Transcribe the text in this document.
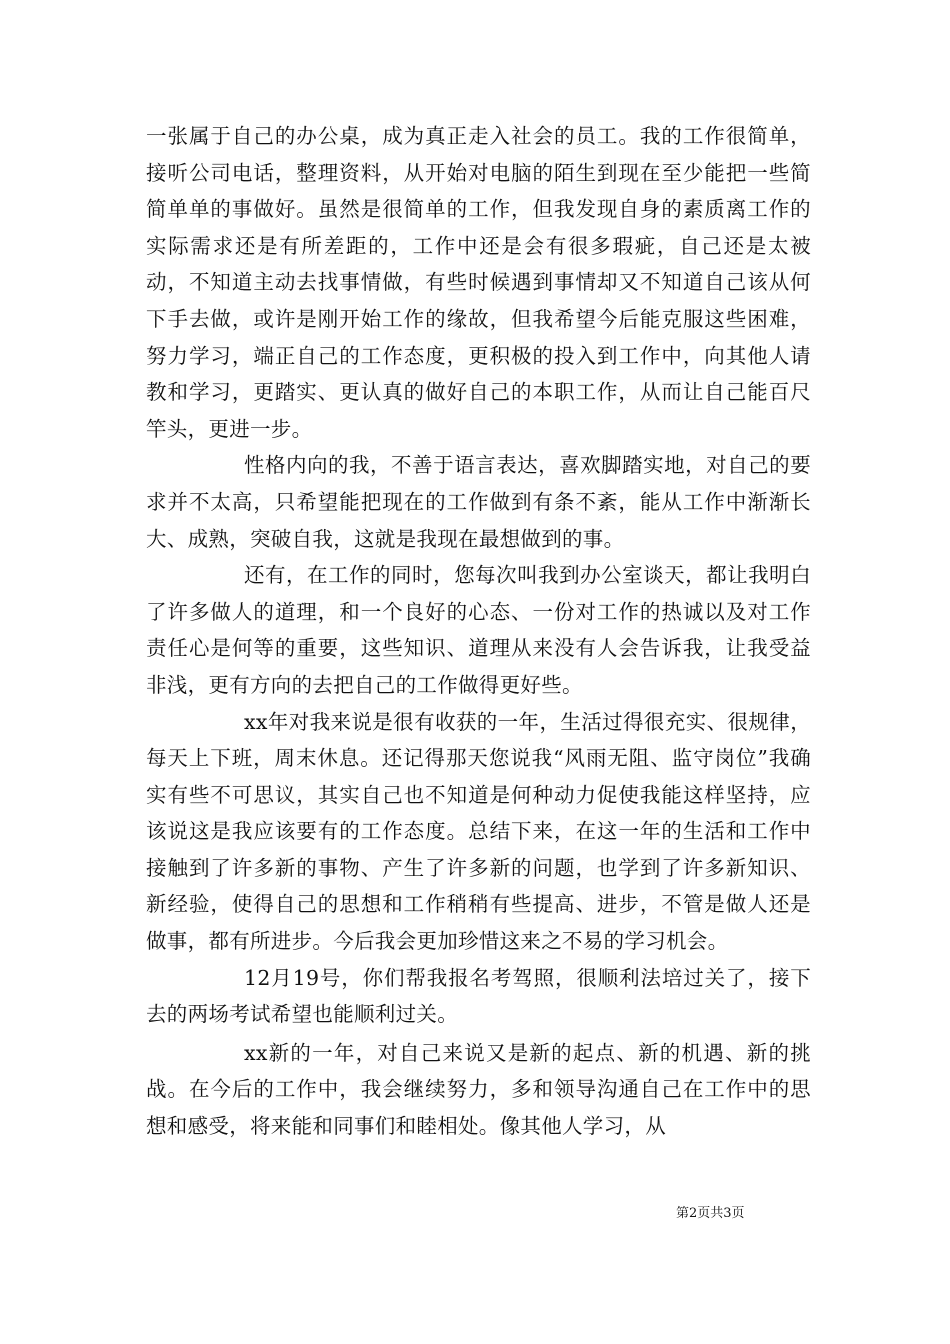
一张属于自己的办公桌，成为真正走入社会的员工。我的工作很简单，接听公司电话，整理资料，从开始对电脑的陌生到现在至少能把一些简简单单的事做好。虽然是很简单的工作，但我发现自身的素质离工作的实际需求还是有所差距的，工作中还是会有很多瑕疵，自己还是太被动，不知道主动去找事情做，有些时候遇到事情却又不知道自己该从何下手去做，或许是刚开始工作的缘故，但我希望今后能克服这些困难，努力学习，端正自己的工作态度，更积极的投入到工作中，向其他人请教和学习，更踏实、更认真的做好自己的本职工作，从而让自己能百尺竿头，更进一步。

性格内向的我，不善于语言表达，喜欢脚踏实地，对自己的要求并不太高，只希望能把现在的工作做到有条不紊，能从工作中渐渐长大、成熟，突破自我，这就是我现在最想做到的事。

还有，在工作的同时，您每次叫我到办公室谈天，都让我明白了许多做人的道理，和一个良好的心态、一份对工作的热诚以及对工作责任心是何等的重要，这些知识、道理从来没有人会告诉我，让我受益非浅，更有方向的去把自己的工作做得更好些。

xx年对我来说是很有收获的一年，生活过得很充实、很规律，每天上下班，周末休息。还记得那天您说我“风雨无阻、监守岗位”我确实有些不可思议，其实自己也不知道是何种动力促使我能这样坚持，应该说这是我应该要有的工作态度。总结下来，在这一年的生活和工作中接触到了许多新的事物、产生了许多新的问题，也学到了许多新知识、新经验，使得自己的思想和工作稍稍有些提高、进步，不管是做人还是做事，都有所进步。今后我会更加珍惜这来之不易的学习机会。

12月19号，你们帮我报名考驾照，很顺利法培过关了，接下去的两场考试希望也能顺利过关。

xx新的一年，对自己来说又是新的起点、新的机遇、新的挑战。在今后的工作中，我会继续努力，多和领导沟通自己在工作中的思想和感受，将来能和同事们和睦相处。像其他人学习，从

第2页共3页
